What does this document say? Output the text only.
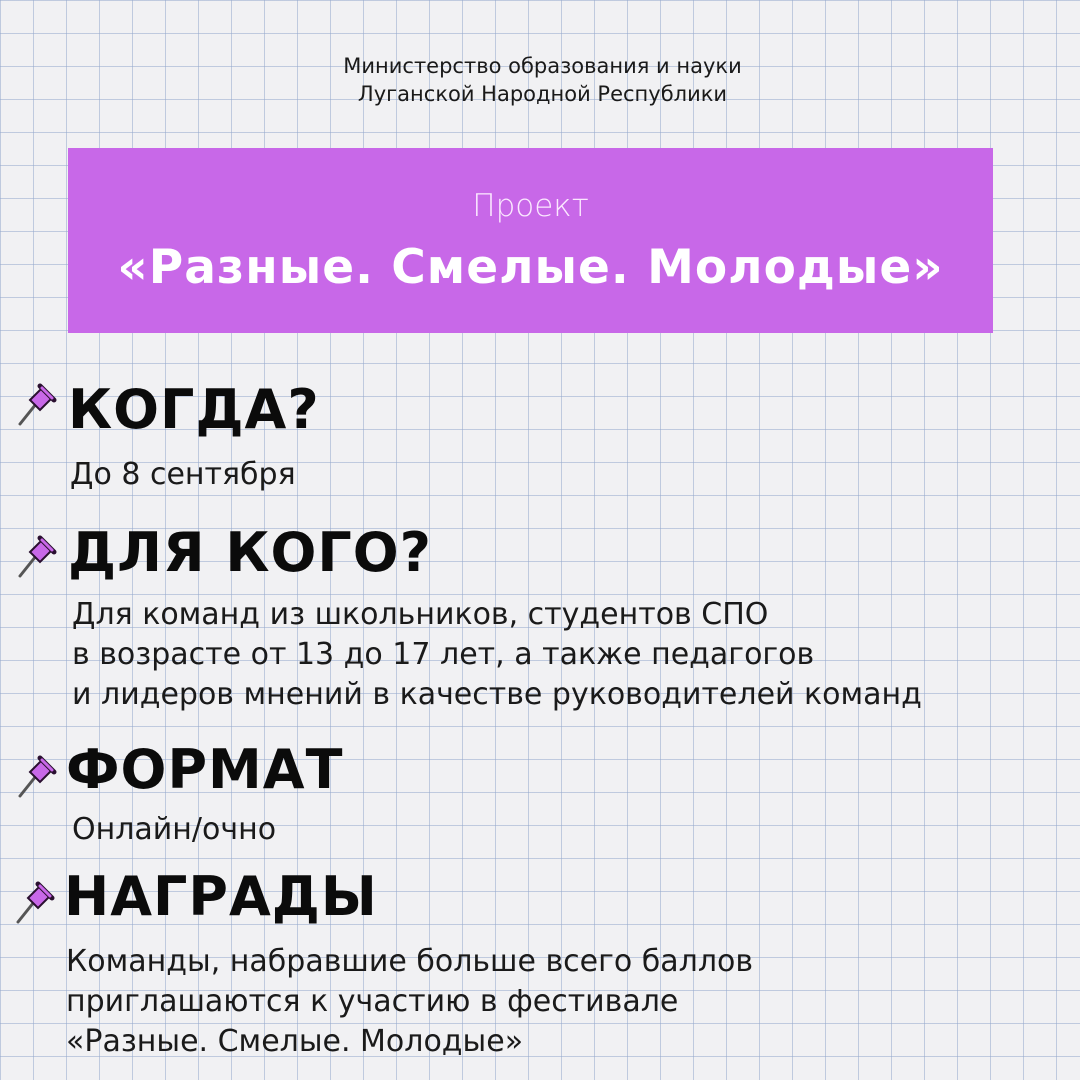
Министерство образования и науки
Луганской Народной Республики
Проект
«Разные. Смелые. Молодые»
КОГДА?
До 8 сентября
ДЛЯ КОГО?
Для команд из школьников, студентов СПО
в возрасте от 13 до 17 лет, а также педагогов
и лидеров мнений в качестве руководителей команд
ФОРМАТ
Онлайн/очно
НАГРАДЫ
Команды, набравшие больше всего баллов
приглашаются к участию в фестивале
«Разные. Смелые. Молодые»
